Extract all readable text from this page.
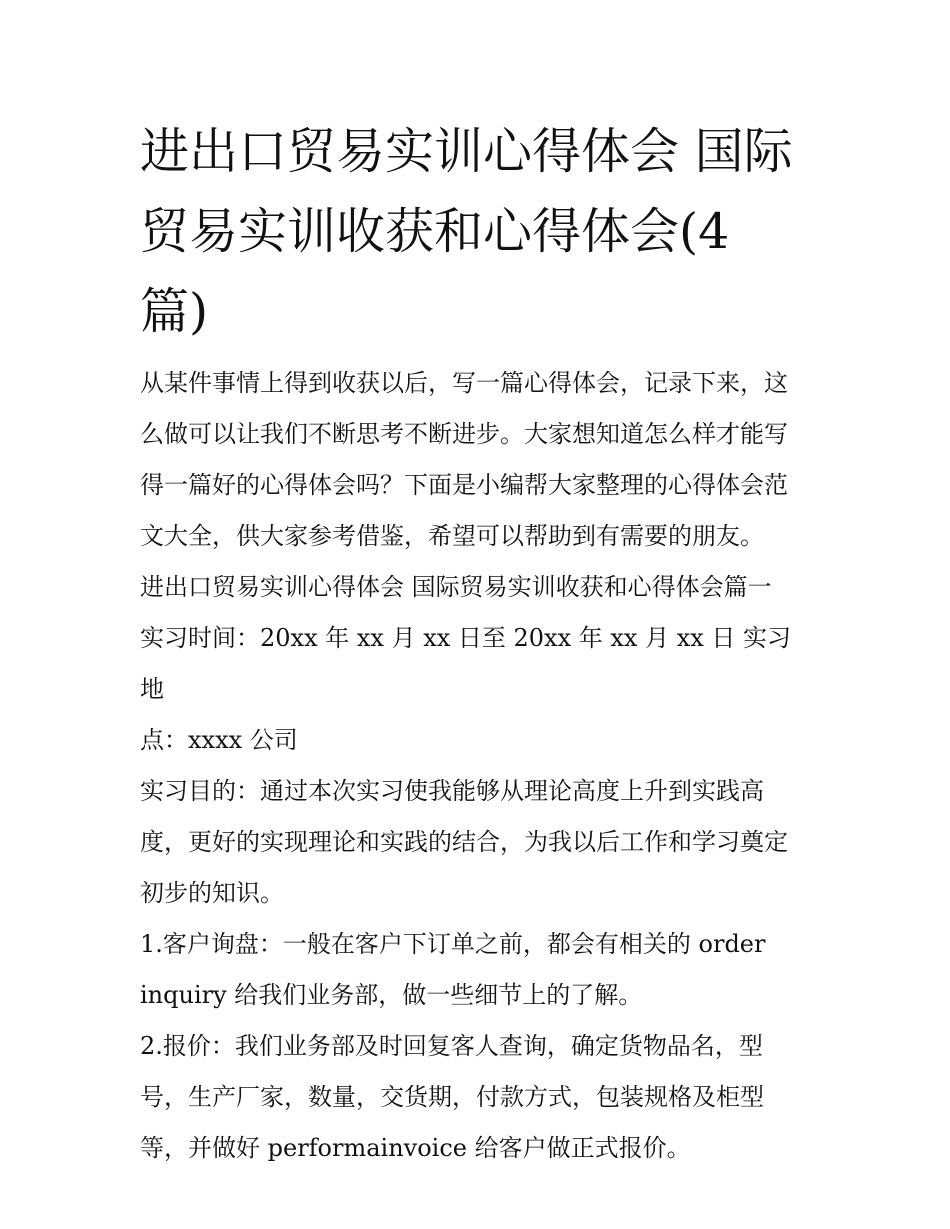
进出口贸易实训心得体会 国际
贸易实训收获和心得体会(4
篇)

从某件事情上得到收获以后，写一篇心得体会，记录下来，这
么做可以让我们不断思考不断进步。大家想知道怎么样才能写
得一篇好的心得体会吗？下面是小编帮大家整理的心得体会范
文大全，供大家参考借鉴，希望可以帮助到有需要的朋友。

进出口贸易实训心得体会 国际贸易实训收获和心得体会篇一

实习时间：20xx 年 xx 月 xx 日至 20xx 年 xx 月 xx 日 实习地
点：xxxx 公司

实习目的：通过本次实习使我能够从理论高度上升到实践高
度，更好的实现理论和实践的结合，为我以后工作和学习奠定
初步的知识。

1.客户询盘：一般在客户下订单之前，都会有相关的 order
inquiry 给我们业务部，做一些细节上的了解。

2.报价：我们业务部及时回复客人查询，确定货物品名，型
号，生产厂家，数量，交货期，付款方式，包装规格及柜型
等，并做好 performainvoice 给客户做正式报价。
